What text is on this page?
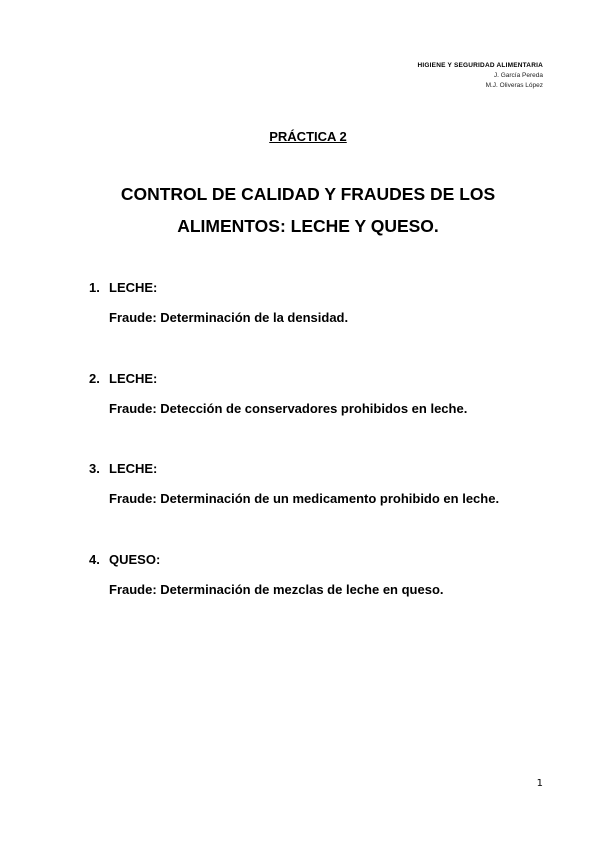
HIGIENE Y SEGURIDAD ALIMENTARIA
J. García Pereda
M.J. Oliveras López
PRÁCTICA 2
CONTROL DE CALIDAD Y FRAUDES DE LOS
ALIMENTOS: LECHE Y QUESO.
1. LECHE:
Fraude: Determinación de la densidad.
2. LECHE:
Fraude: Detección de conservadores prohibidos en leche.
3. LECHE:
Fraude: Determinación de un medicamento prohibido en leche.
4. QUESO:
Fraude: Determinación de mezclas de leche en queso.
1
